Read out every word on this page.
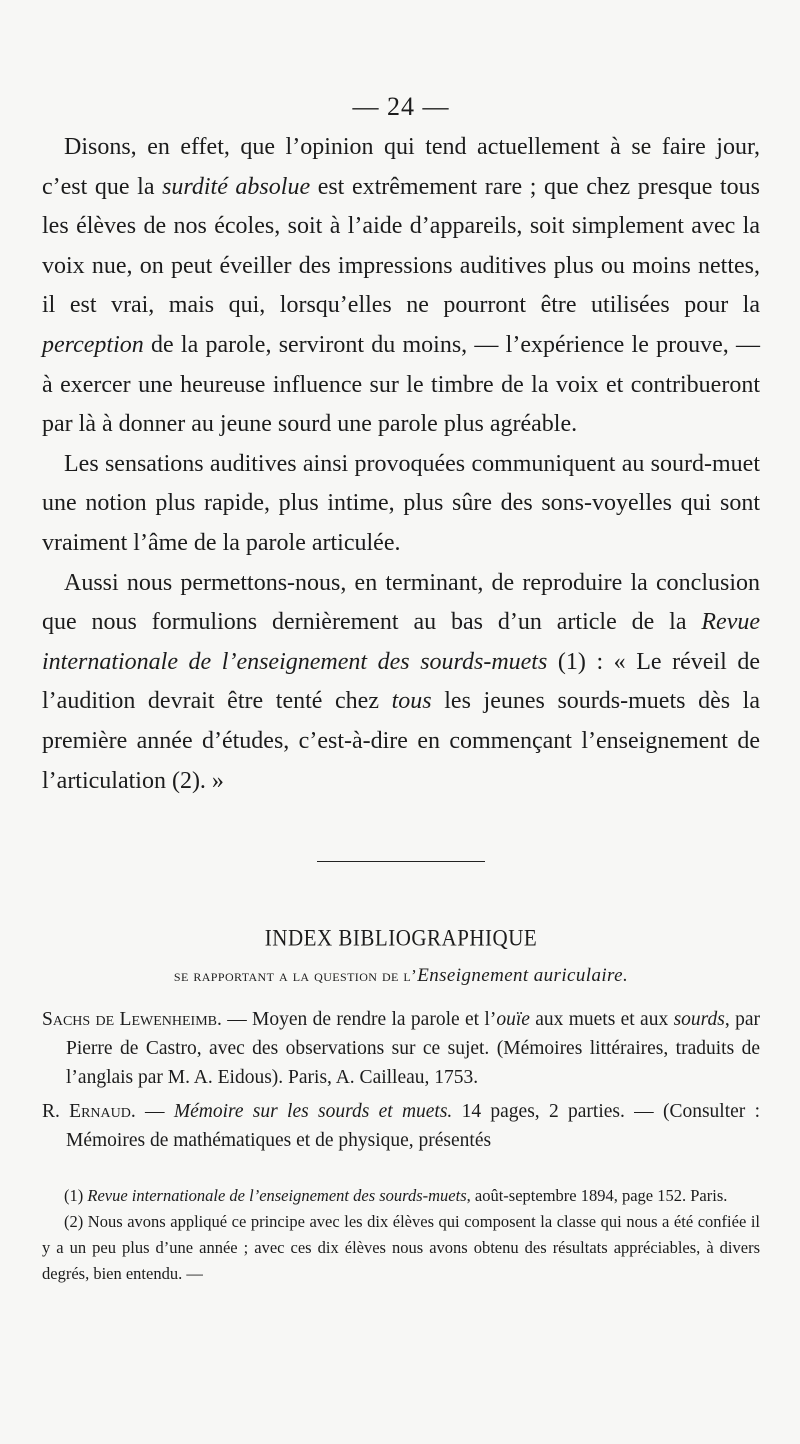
— 24 —

Disons, en effet, que l’opinion qui tend actuellement à se faire jour, c’est que la surdité absolue est extrêmement rare ; que chez presque tous les élèves de nos écoles, soit à l’aide d’appareils, soit simplement avec la voix nue, on peut éveiller des impressions auditives plus ou moins nettes, il est vrai, mais qui, lorsqu’elles ne pourront être utilisées pour la perception de la parole, serviront du moins, — l’expérience le prouve, — à exercer une heureuse influence sur le timbre de la voix et contribueront par là à donner au jeune sourd une parole plus agréable.

Les sensations auditives ainsi provoquées communiquent au sourd-muet une notion plus rapide, plus intime, plus sûre des sons-voyelles qui sont vraiment l’âme de la parole articulée.

Aussi nous permettons-nous, en terminant, de reproduire la conclusion que nous formulions dernièrement au bas d’un article de la Revue internationale de l’enseignement des sourds-muets (1) : « Le réveil de l’audition devrait être tenté chez tous les jeunes sourds-muets dès la première année d’études, c’est-à-dire en commençant l’enseignement de l’articulation (2). »

INDEX BIBLIOGRAPHIQUE
se rapportant a la question de l’Enseignement auriculaire.

Sachs de Lewenheimb. — Moyen de rendre la parole et l’ouïe aux muets et aux sourds, par Pierre de Castro, avec des observations sur ce sujet. (Mémoires littéraires, traduits de l’anglais par M. A. Eidous). Paris, A. Cailleau, 1753.

R. Ernaud. — Mémoire sur les sourds et muets. 14 pages, 2 parties. — (Consulter : Mémoires de mathématiques et de physique, présentés

(1) Revue internationale de l’enseignement des sourds-muets, août-septembre 1894, page 152. Paris.

(2) Nous avons appliqué ce principe avec les dix élèves qui composent la classe qui nous a été confiée il y a un peu plus d’une année ; avec ces dix élèves nous avons obtenu des résultats appréciables, à divers degrés, bien entendu. —
